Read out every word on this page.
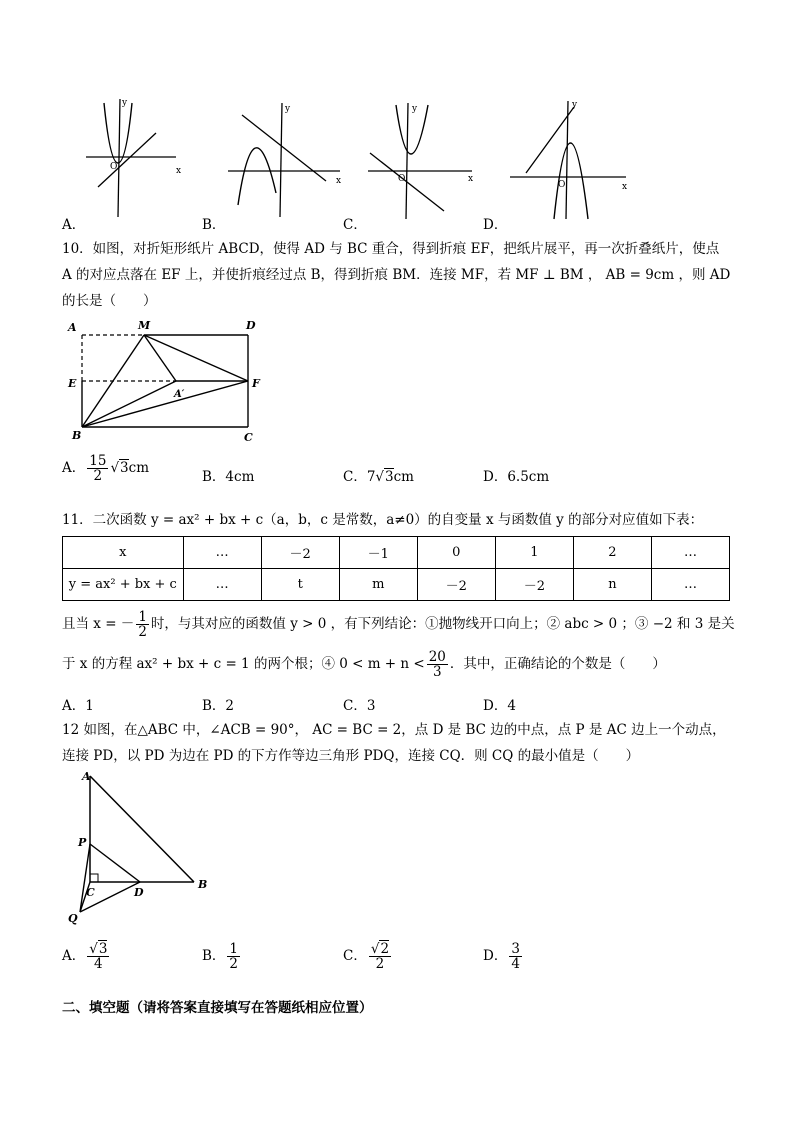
y
x
O
y
x
y
x
O
y
x
O
A．	B．	C．	D．
10．如图，对折矩形纸片 ABCD，使得 AD 与 BC 重合，得到折痕 EF，把纸片展平，再一次折叠纸片，使点
A 的对应点落在 EF 上，并使折痕经过点 B，得到折痕 BM．连接 MF，若 MF ⊥ BM ， AB = 9cm ，则 AD
的长是（　　）
A	M	D
E	F
A′
B	C
A． $\frac{15}{2} √3cm$
B．4cm	C．7√3cm	D．6.5cm
11．二次函数 y = ax² + bx + c（a，b，c 是常数，a≠0）的自变量 x 与函数值 y 的部分对应值如下表：
x	…	－2	－1	0	1	2	…
y = ax² + bx + c	…	t	m	－2	－2	n	…
且当 x = － $\frac{1}{2}$ 时，与其对应的函数值 y > 0 ，有下列结论：①抛物线开口向上；② abc > 0 ；③ −2 和 3 是关
于 x 的方程 ax² + bx + c = 1 的两个根；④ $0 < m + n < \frac{20}{3}$ ．其中，正确结论的个数是（　　）
A．1	B．2	C．3	D．4
12 如图，在△ABC 中，∠ACB = 90°， AC = BC = 2，点 D 是 BC 边的中点，点 P 是 AC 边上一个动点，
连接 PD，以 PD 为边在 PD 的下方作等边三角形 PDQ，连接 CQ．则 CQ 的最小值是（　　）
A
P
C	D
B
Q
A． $\frac{√3}{4}$	B． $\frac{1}{2}$	C． $\frac{√2}{2}$	D． $\frac{3}{4}$
二、填空题（请将答案直接填写在答题纸相应位置）
